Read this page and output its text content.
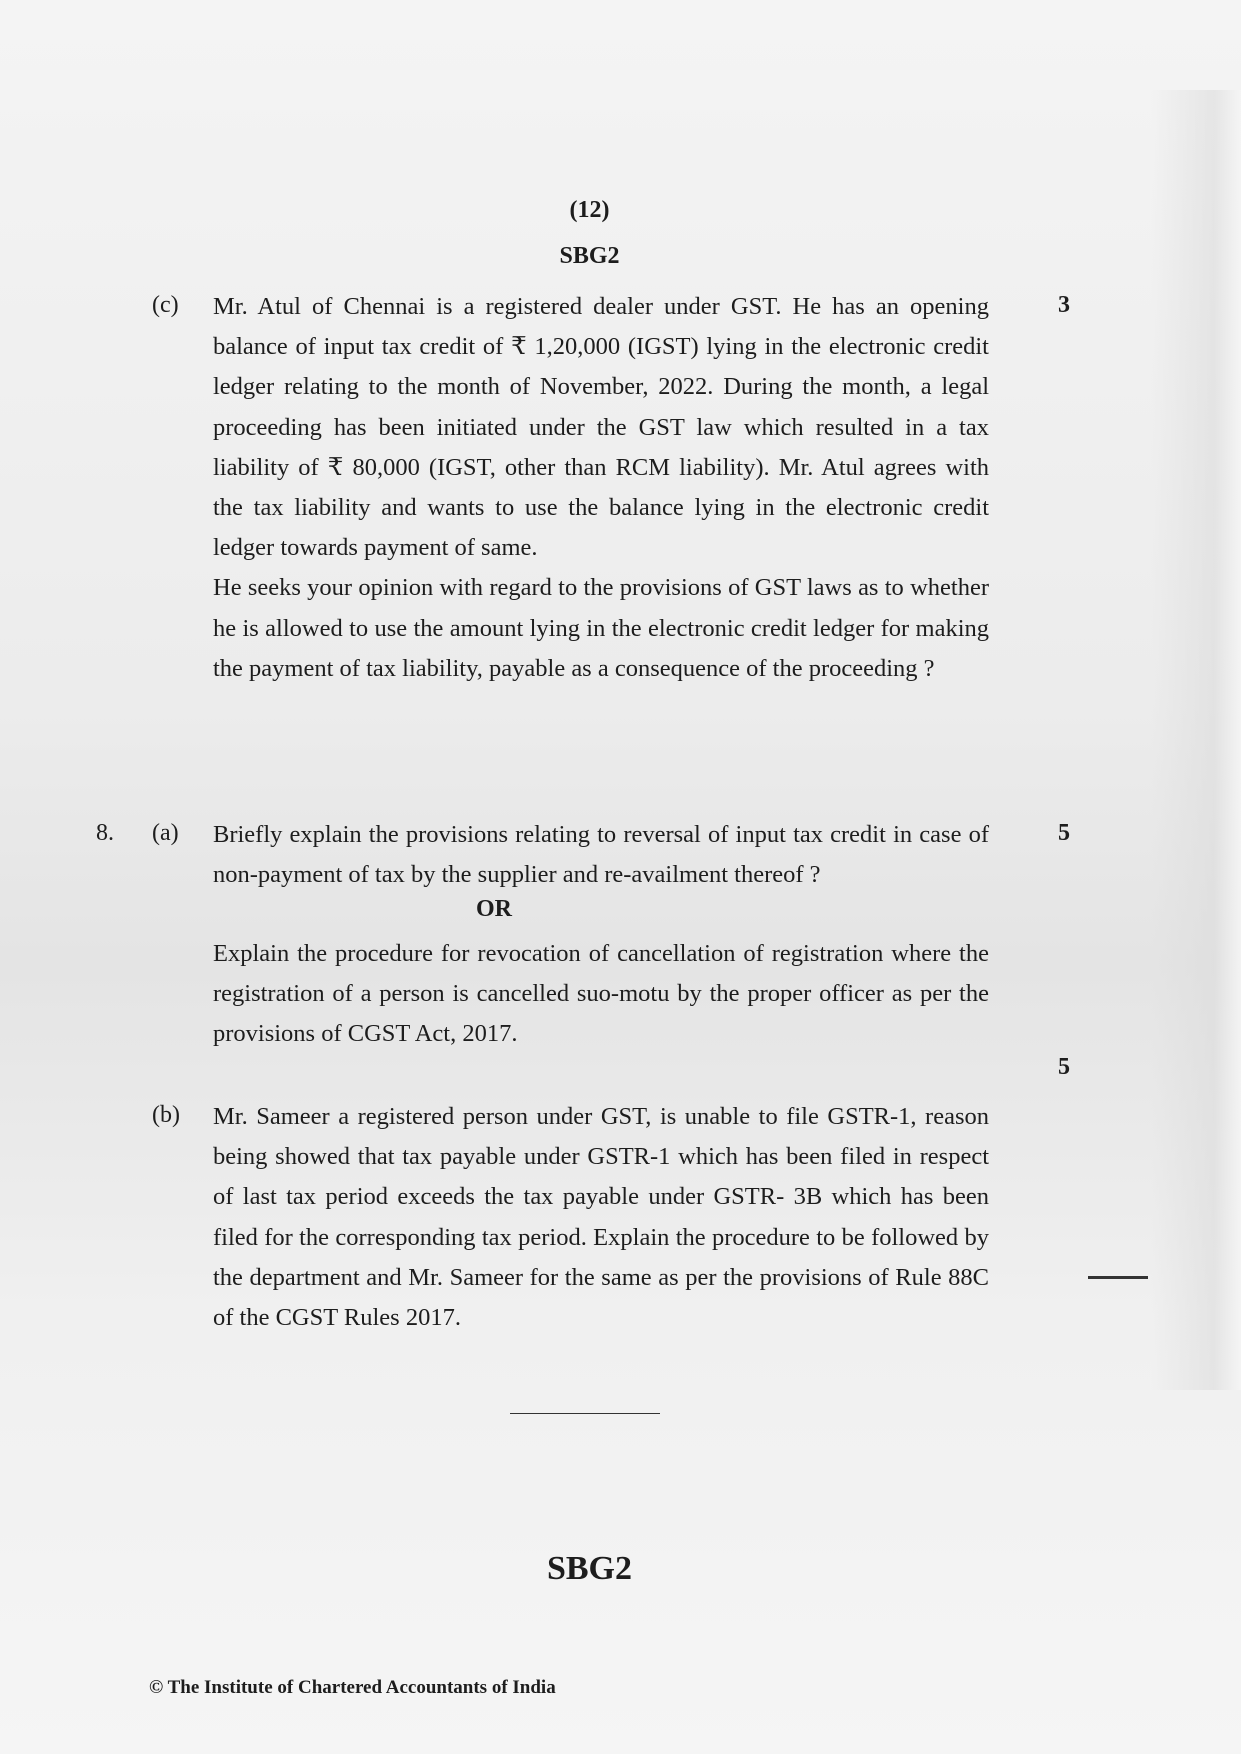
(12)
SBG2
(c)	3

Mr. Atul of Chennai is a registered dealer under GST. He has an opening balance of input tax credit of ₹ 1,20,000 (IGST) lying in the electronic credit ledger relating to the month of November, 2022. During the month, a legal proceeding has been initiated under the GST law which resulted in a tax liability of ₹ 80,000 (IGST, other than RCM liability). Mr. Atul agrees with the tax liability and wants to use the balance lying in the electronic credit ledger towards payment of same.

He seeks your opinion with regard to the provisions of GST laws as to whether he is allowed to use the amount lying in the electronic credit ledger for making the payment of tax liability, payable as a consequence of the proceeding ?

8. (a)	5
Briefly explain the provisions relating to reversal of input tax credit in case of non-payment of tax by the supplier and re-availment thereof ?
OR
Explain the procedure for revocation of cancellation of registration where the registration of a person is cancelled suo-motu by the proper officer as per the provisions of CGST Act, 2017.
5
(b) Mr. Sameer a registered person under GST, is unable to file GSTR-1, reason being showed that tax payable under GSTR-1 which has been filed in respect of last tax period exceeds the tax payable under GSTR- 3B which has been filed for the corresponding tax period. Explain the procedure to be followed by the department and Mr. Sameer for the same as per the provisions of Rule 88C of the CGST Rules 2017.
SBG2
© The Institute of Chartered Accountants of India
